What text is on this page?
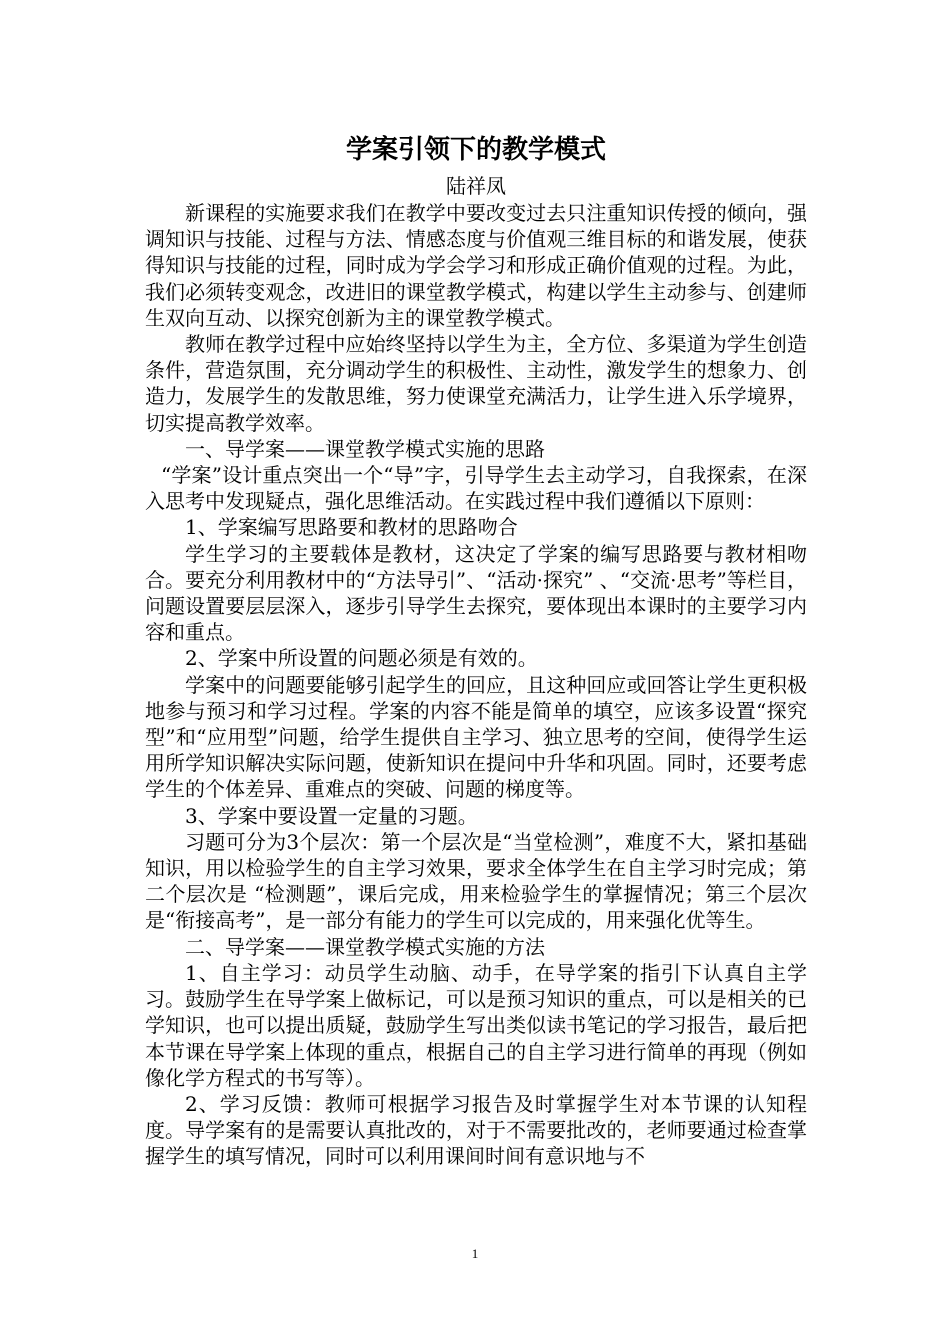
学案引领下的教学模式

陆祥凤

新课程的实施要求我们在教学中要改变过去只注重知识传授的倾向，强调知识与技能、过程与方法、情感态度与价值观三维目标的和谐发展，使获得知识与技能的过程，同时成为学会学习和形成正确价值观的过程。为此，我们必须转变观念，改进旧的课堂教学模式，构建以学生主动参与、创建师生双向互动、以探究创新为主的课堂教学模式。

教师在教学过程中应始终坚持以学生为主，全方位、多渠道为学生创造条件，营造氛围，充分调动学生的积极性、主动性，激发学生的想象力、创造力，发展学生的发散思维，努力使课堂充满活力，让学生进入乐学境界，切实提高教学效率。

一、导学案——课堂教学模式实施的思路

“学案”设计重点突出一个“导”字，引导学生去主动学习，自我探索，在深入思考中发现疑点，强化思维活动。在实践过程中我们遵循以下原则：

1、学案编写思路要和教材的思路吻合

学生学习的主要载体是教材，这决定了学案的编写思路要与教材相吻合。要充分利用教材中的“方法导引”、“活动·探究” 、“交流·思考”等栏目，问题设置要层层深入，逐步引导学生去探究，要体现出本课时的主要学习内容和重点。

2、学案中所设置的问题必须是有效的。

学案中的问题要能够引起学生的回应，且这种回应或回答让学生更积极地参与预习和学习过程。学案的内容不能是简单的填空，应该多设置“探究型”和“应用型”问题，给学生提供自主学习、独立思考的空间，使得学生运用所学知识解决实际问题，使新知识在提问中升华和巩固。同时，还要考虑学生的个体差异、重难点的突破、问题的梯度等。

3、学案中要设置一定量的习题。

习题可分为3个层次：第一个层次是“当堂检测”，难度不大，紧扣基础知识，用以检验学生的自主学习效果，要求全体学生在自主学习时完成；第二个层次是 “检测题”，课后完成，用来检验学生的掌握情况；第三个层次是“衔接高考”，是一部分有能力的学生可以完成的，用来强化优等生。

二、导学案——课堂教学模式实施的方法

1、自主学习：动员学生动脑、动手，在导学案的指引下认真自主学习。鼓励学生在导学案上做标记，可以是预习知识的重点，可以是相关的已学知识，也可以提出质疑，鼓励学生写出类似读书笔记的学习报告，最后把本节课在导学案上体现的重点，根据自己的自主学习进行简单的再现（例如像化学方程式的书写等）。

2、学习反馈：教师可根据学习报告及时掌握学生对本节课的认知程度。导学案有的是需要认真批改的，对于不需要批改的，老师要通过检查掌握学生的填写情况，同时可以利用课间时间有意识地与不

1
